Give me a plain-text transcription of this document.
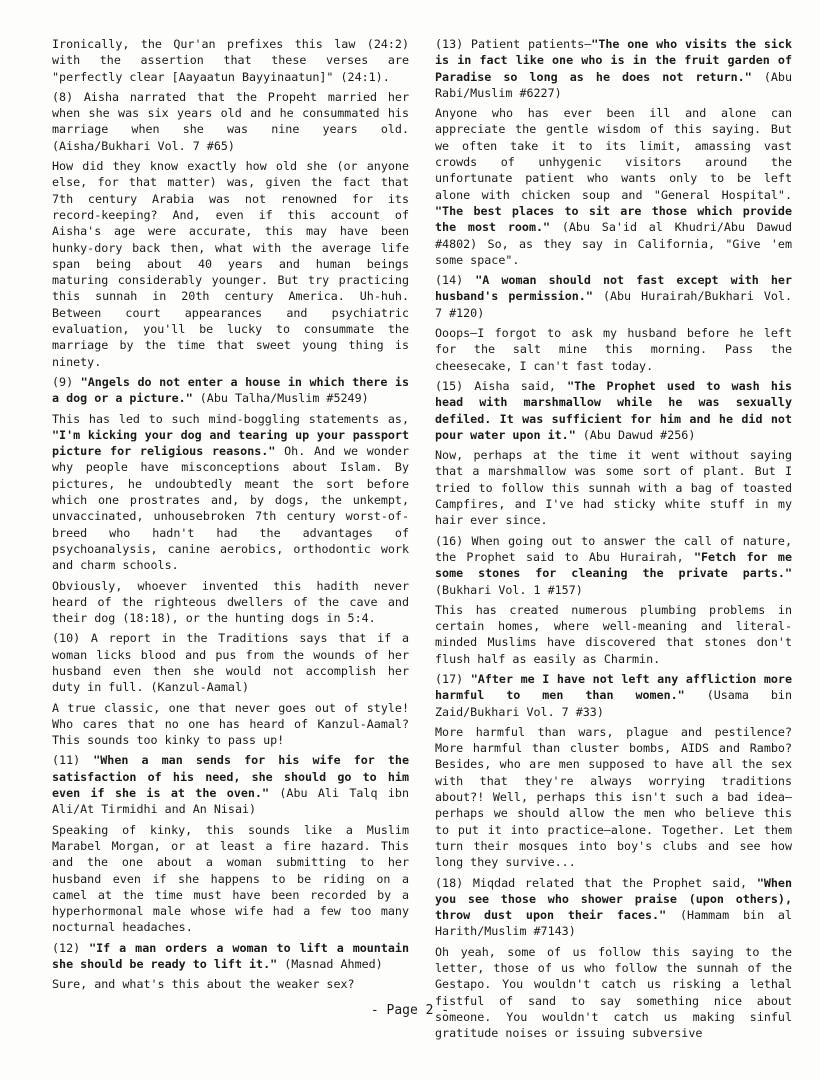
Ironically, the Qur'an prefixes this law (24:2) with the assertion that these verses are "perfectly clear [Aayaatun Bayyinaatun]" (24:1).

(8) Aisha narrated that the Propeht married her when she was six years old and he consummated his marriage when she was nine years old. (Aisha/Bukhari Vol. 7 #65)

How did they know exactly how old she (or anyone else, for that matter) was, given the fact that 7th century Arabia was not renowned for its record-keeping? And, even if this account of Aisha's age were accurate, this may have been hunky-dory back then, what with the average life span being about 40 years and human beings maturing considerably younger. But try practicing this sunnah in 20th century America. Uh-huh. Between court appearances and psychiatric evaluation, you'll be lucky to consummate the marriage by the time that sweet young thing is ninety.

(9) "Angels do not enter a house in which there is a dog or a picture." (Abu Talha/Muslim #5249)

This has led to such mind-boggling statements as, "I'm kicking your dog and tearing up your passport picture for religious reasons." Oh. And we wonder why people have misconceptions about Islam. By pictures, he undoubtedly meant the sort before which one prostrates and, by dogs, the unkempt, unvaccinated, unhousebroken 7th century worst-of-breed who hadn't had the advantages of psychoanalysis, canine aerobics, orthodontic work and charm schools.

Obviously, whoever invented this hadith never heard of the righteous dwellers of the cave and their dog (18:18), or the hunting dogs in 5:4.

(10) A report in the Traditions says that if a woman licks blood and pus from the wounds of her husband even then she would not accomplish her duty in full. (Kanzul-Aamal)

A true classic, one that never goes out of style! Who cares that no one has heard of Kanzul-Aamal? This sounds too kinky to pass up!

(11) "When a man sends for his wife for the satisfaction of his need, she should go to him even if she is at the oven." (Abu Ali Talq ibn Ali/At Tirmidhi and An Nisai)

Speaking of kinky, this sounds like a Muslim Marabel Morgan, or at least a fire hazard. This and the one about a woman submitting to her husband even if she happens to be riding on a camel at the time must have been recorded by a hyperhormonal male whose wife had a few too many nocturnal headaches.

(12) "If a man orders a woman to lift a mountain she should be ready to lift it." (Masnad Ahmed)

Sure, and what's this about the weaker sex?

(13) Patient patients—"The one who visits the sick is in fact like one who is in the fruit garden of Paradise so long as he does not return." (Abu Rabi/Muslim #6227)

Anyone who has ever been ill and alone can appreciate the gentle wisdom of this saying. But we often take it to its limit, amassing vast crowds of unhygenic visitors around the unfortunate patient who wants only to be left alone with chicken soup and "General Hospital". "The best places to sit are those which provide the most room." (Abu Sa'id al Khudri/Abu Dawud #4802) So, as they say in California, "Give 'em some space".

(14) "A woman should not fast except with her husband's permission." (Abu Hurairah/Bukhari Vol. 7 #120)

Ooops—I forgot to ask my husband before he left for the salt mine this morning. Pass the cheesecake, I can't fast today.

(15) Aisha said, "The Prophet used to wash his head with marshmallow while he was sexually defiled. It was sufficient for him and he did not pour water upon it." (Abu Dawud #256)

Now, perhaps at the time it went without saying that a marshmallow was some sort of plant. But I tried to follow this sunnah with a bag of toasted Campfires, and I've had sticky white stuff in my hair ever since.

(16) When going out to answer the call of nature, the Prophet said to Abu Hurairah, "Fetch for me some stones for cleaning the private parts." (Bukhari Vol. 1 #157)

This has created numerous plumbing problems in certain homes, where well-meaning and literal-minded Muslims have discovered that stones don't flush half as easily as Charmin.

(17) "After me I have not left any affliction more harmful to men than women." (Usama bin Zaid/Bukhari Vol. 7 #33)

More harmful than wars, plague and pestilence? More harmful than cluster bombs, AIDS and Rambo? Besides, who are men supposed to have all the sex with that they're always worrying traditions about?! Well, perhaps this isn't such a bad idea—perhaps we should allow the men who believe this to put it into practice—alone. Together. Let them turn their mosques into boy's clubs and see how long they survive...

(18) Miqdad related that the Prophet said, "When you see those who shower praise (upon others), throw dust upon their faces." (Hammam bin al Harith/Muslim #7143)

Oh yeah, some of us follow this saying to the letter, those of us who follow the sunnah of the Gestapo. You wouldn't catch us risking a lethal fistful of sand to say something nice about someone. You wouldn't catch us making sinful gratitude noises or issuing subversive

- Page 2 -
